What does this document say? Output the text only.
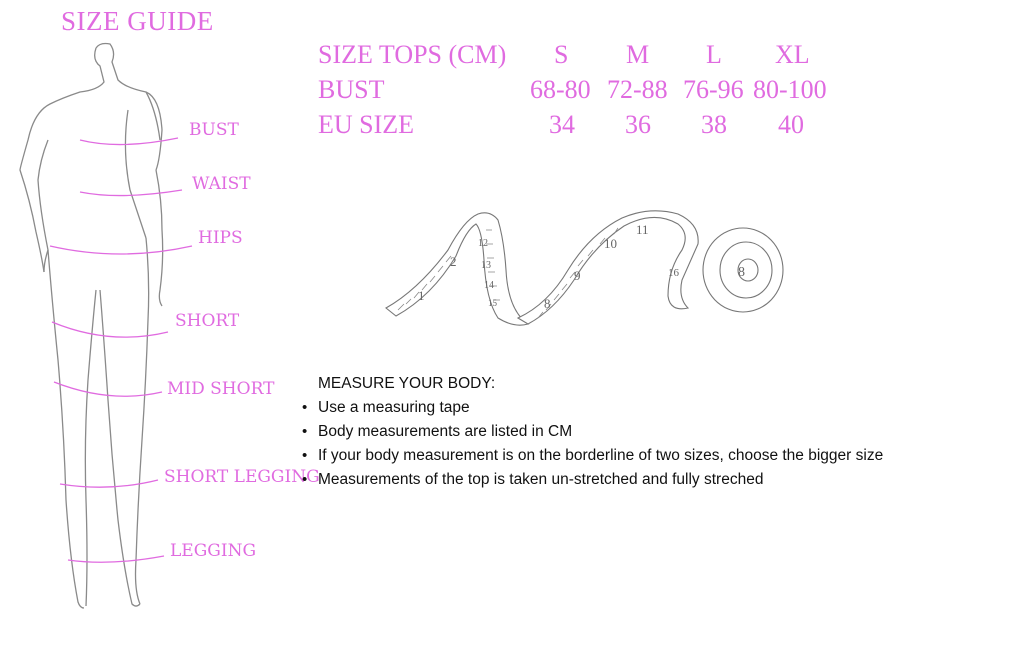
SIZE GUIDE
BUST
WAIST
HIPS
SHORT
MID SHORT
SHORT LEGGING
LEGGING
SIZE TOPS (CM) S M L XL
BUST	68-80 72-88 76-96 80-100
EU SIZE	34 36 38 40
1
2
12
13
14
15	8
9
10
11
16	8
MEASURE YOUR BODY:
• Use a measuring tape
• Body measurements are listed in CM
• If your body measurement is on the borderline of two sizes, choose the bigger size
• Measurements of the top is taken un-stretched and fully streched
